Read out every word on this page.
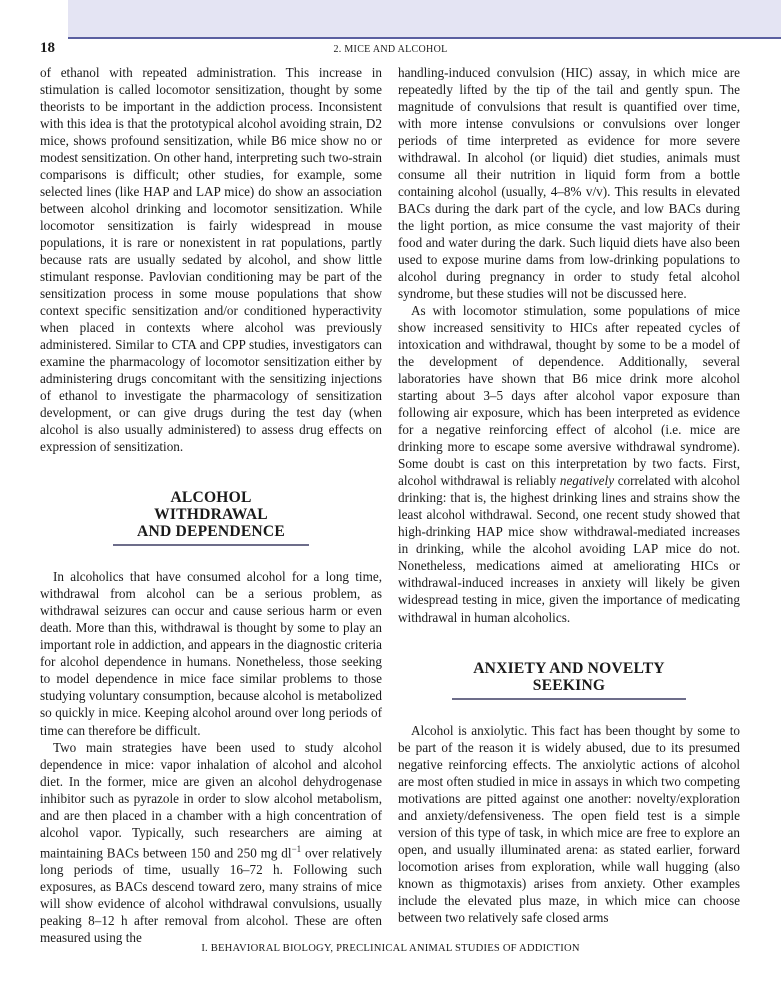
18	2. MICE AND ALCOHOL

of ethanol with repeated administration. This increase in stimulation is called locomotor sensitization, thought by some theorists to be important in the addiction process. Inconsistent with this idea is that the prototypical alcohol avoiding strain, D2 mice, shows profound sensitization, while B6 mice show no or modest sensitization. On other hand, interpreting such two-strain comparisons is difficult; other studies, for example, some selected lines (like HAP and LAP mice) do show an association between alcohol drinking and locomotor sensitization. While locomotor sensitization is fairly widespread in mouse populations, it is rare or nonexistent in rat populations, partly because rats are usually sedated by alcohol, and show little stimulant response. Pavlovian conditioning may be part of the sensitization process in some mouse populations that show context specific sensitization and/or conditioned hyperactivity when placed in contexts where alcohol was previously administered. Similar to CTA and CPP studies, investigators can examine the pharmacology of locomotor sensitization either by administering drugs concomitant with the sensitizing injections of ethanol to investigate the pharmacology of sensitization development, or can give drugs during the test day (when alcohol is also usually administered) to assess drug effects on expression of sensitization.

ALCOHOL WITHDRAWAL
AND DEPENDENCE

In alcoholics that have consumed alcohol for a long time, withdrawal from alcohol can be a serious problem, as withdrawal seizures can occur and cause serious harm or even death. More than this, withdrawal is thought by some to play an important role in addiction, and appears in the diagnostic criteria for alcohol dependence in humans. Nonetheless, those seeking to model dependence in mice face similar problems to those studying voluntary consumption, because alcohol is metabolized so quickly in mice. Keeping alcohol around over long periods of time can therefore be difficult.

Two main strategies have been used to study alcohol dependence in mice: vapor inhalation of alcohol and alcohol diet. In the former, mice are given an alcohol dehydrogenase inhibitor such as pyrazole in order to slow alcohol metabolism, and are then placed in a chamber with a high concentration of alcohol vapor. Typically, such researchers are aiming at maintaining BACs between 150 and 250 mg $dl^{-1}$ over relatively long periods of time, usually 16–72 h. Following such exposures, as BACs descend toward zero, many strains of mice will show evidence of alcohol withdrawal convulsions, usually peaking 8–12 h after removal from alcohol. These are often measured using the

handling-induced convulsion (HIC) assay, in which mice are repeatedly lifted by the tip of the tail and gently spun. The magnitude of convulsions that result is quantified over time, with more intense convulsions or convulsions over longer periods of time interpreted as evidence for more severe withdrawal. In alcohol (or liquid) diet studies, animals must consume all their nutrition in liquid form from a bottle containing alcohol (usually, 4–8% v/v). This results in elevated BACs during the dark part of the cycle, and low BACs during the light portion, as mice consume the vast majority of their food and water during the dark. Such liquid diets have also been used to expose murine dams from low-drinking populations to alcohol during pregnancy in order to study fetal alcohol syndrome, but these studies will not be discussed here.

As with locomotor stimulation, some populations of mice show increased sensitivity to HICs after repeated cycles of intoxication and withdrawal, thought by some to be a model of the development of dependence. Additionally, several laboratories have shown that B6 mice drink more alcohol starting about 3–5 days after alcohol vapor exposure than following air exposure, which has been interpreted as evidence for a negative reinforcing effect of alcohol (i.e. mice are drinking more to escape some aversive withdrawal syndrome). Some doubt is cast on this interpretation by two facts. First, alcohol withdrawal is reliably negatively correlated with alcohol drinking: that is, the highest drinking lines and strains show the least alcohol withdrawal. Second, one recent study showed that high-drinking HAP mice show withdrawal-mediated increases in drinking, while the alcohol avoiding LAP mice do not. Nonetheless, medications aimed at ameliorating HICs or withdrawal-induced increases in anxiety will likely be given widespread testing in mice, given the importance of medicating withdrawal in human alcoholics.

ANXIETY AND NOVELTY SEEKING

Alcohol is anxiolytic. This fact has been thought by some to be part of the reason it is widely abused, due to its presumed negative reinforcing effects. The anxiolytic actions of alcohol are most often studied in mice in assays in which two competing motivations are pitted against one another: novelty/exploration and anxiety/defensiveness. The open field test is a simple version of this type of task, in which mice are free to explore an open, and usually illuminated arena: as stated earlier, forward locomotion arises from exploration, while wall hugging (also known as thigmotaxis) arises from anxiety. Other examples include the elevated plus maze, in which mice can choose between two relatively safe closed arms

I. BEHAVIORAL BIOLOGY, PRECLINICAL ANIMAL STUDIES OF ADDICTION
